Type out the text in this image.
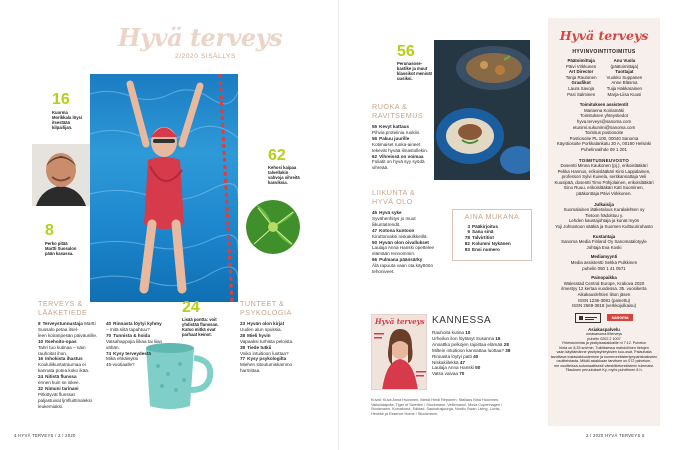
Hyvä terveys
2/2020 SISÄLLYS
16
Kuorma
Morikkala löysi
itsestään
kilpailijan.
8
Perko pitää
Martti Suosalon
pään kasassa.
62
Kehosi kaipaa
talvellakin
vahvoja vihreitä
kasviksia.
24
Lisää pontta: voit
yhdistää flunssan.
Katso mitkä ovat
parhaat keinot.
TERVEYS &
LÄÄKETIEDE
8 Terveystunnustaja Martti Suosalo petaa itsel-
leen koiranpesän päiväunille.
10 Itsehoito-opas
Tahri tuo kutinaa – näin
rauhoitat ihon.
16 Inhokista ihastus
Koululiikuntatraumaa ei
kannata potea koko ikää.
24 Nitistä flunssa
ennen kuin se iskee.
32 Nimuni tarinani
Pitkittyvät flunssat
paljastuivat ljmfluittinaleksi
leukemiaksi.
40 Rinnasta löytyi kyhmy
– mitä siitä tapahtuu?
70 Tunnista & hoida
Vatsahappojia liikaa tai liian
vähän.
74 Kysy terveydestä
Mikä ehkäisyksi
45-vuotiaalle?
TUNTEET &
PSYKOLOGIA
23 Hyvän olon kirjat
Uuden alun opuksia.
28 Mieli hyvin
Vapaaksi turhista peloista.
38 Tiede tutkii
Voiko intuitioon luottaa?
77 Kysy psykologilta
Miehen sitoutumiskammo
harmittaa.
4 HYVÄ TERVEYS / 2 / 2020
56
Perunasose-
kastike ja muut
klassikot menivät
uusiksi.
RUOKA &
RAVITSEMUS
55 Kevyt kattaus
Pihvia proteiinia ruokiin.
56 Pakuu juurille
Kotimaiset ruoka-aineet
tekevät hyvää ilmastollekin.
62 Vihreissä on voimaa
Foliatit on hyvä syy syödä
vihreää.
LIIKUNTA &
HYVÄ OLO
45 Hyvä syke
Syvähenhitys jo muut
liikuntatrendit.
47 Kotona kuntoon
Kiruttomaksi niskakilkkeillä.
50 Hyvän olon oivallukset
Laulaja Anna Hanski opettelee
elämään rennommin.
66 Pulmana päänsärky
Älä rapuuta vaan ota käyttöön
tehoniveet.
AINA MUKANA
3 Pääkirjoitus
6 Sana sinä
78 Talvirtitiot
82 Kolumni Nykänen
83 Ensi numero
Hyvä terveys KANNESSA
Rauhoita kutina 10
Urheilun ilon löytänyt Susanna 16
Annattko pelkojen rajoittaa elämää 28
Miltein intuitioon kannattaa luottaa? 38
Rinnasta löytyi patti 40
Niskakiilekkä 47
Laulaja Anna Hanski 50
Vatsa vaivaa 70
Kuvat: Kuva Anna Huovinen, Mekki Heidi Reponen. Stailaus Nina Huovinen,
Vaikuistaputa, Tiger of Sweden / Stockmann. Veliemanni, Mosa Copenhagen /
Stockmann. Korvakorut, Edblad. Saukutusjuurga, Nordic Swan Living, Lovisi,
Henkke ja Essence Home / Stockmann.
2 / 2020 HYVÄ TERVEYS 5
Hyvä terveys
HYVINVOINTITOIMITUS
Päätoimittaja
Päivi Virkkunen
Art Director
Tanja Rautonen
Graafikot
Laura Savoja
Pasi Salminen
Anu Vuola
(päätoimittaja)
Tuottajat
Vuokko Suppanen
Anne Bläsma
Tuija Hakkarainen
Marja-Liisa Kuusi
Toimituksen assistentit
Marianna Koiriamäki
Toimituksen yhteystiedot
hyva.terveys@sanoma.com
etunimi.sukunimi@sanoma.com
Toimitus postiosoite
Postiosoite PL 100, 00040 Sanoma
Käyntiosoite Porkkalankatu 20 A, 00180 Helsinki
Puhelinvaihde 09 1 201
TOIMITUSNEUVOSTO
Dosentti Minna Kaukonen (pj.), erikoislääkäri
Pekka Hannus, erikoislääkäri Kirsi Lappalainen,
professori Sylvi Kuivela, seritkannattaja Veli
Kuusipää, dosentti Timo Pöhjolainen, erikoislääkäri
Eino Ruuu, erikoislääkäri Kati Suominen,
pääkonttaja Päivi Virkkunen.
Julkaisija
Suomalainen lääketalous Kuralalehten oy
Tietoon hädoittuu y.
Lehden kaustajohtaja ja kunat myös
Yoji Johtostoon sääkiä ja Suomen Kulttuurirahasto
Kustantaja
Sanoma Media Finland Oy Sanomatalotyyle
Johtaja Eva Koski
Mediamyynti
Media assistentti Sekka Pulkkinen
puhelin 050 1 41 0571
Painopaikka
Walesstad Central Europe, Krakova 2020
ilmestyy 12 kertaa vuodessa. 35. vuosikerta
Aikakauslehtien liiton jäsen
ISSN 1236-3081 (painettu)
ISSN 2669-3818 (verkkojulkaisu)
sanoma
Asiakaspalvelu
omasanoma.fi/terveys
puhelin 0202 2 1007
Yhteistoiminta ja yksityisasiakkaille ni 7:12. Puhelun
hinta on 8,35 snt/min. Tulkittaessa mahdollinen tietojen
vaan käyttämänne yksityisyhteyksien kuu-osat, Palautusta
tavoittava tosiasiakkuutemme ja numerorekisteriymparistoakseen
osoitteistasta. Mikäli asiakkaan tarvitsee on 072 palvelum-
me osoitteissa automaattisesti väestötietorekisterin tulemaisi.
Tilauksen peruutukset Ky, myös puhelimen 8 h.
